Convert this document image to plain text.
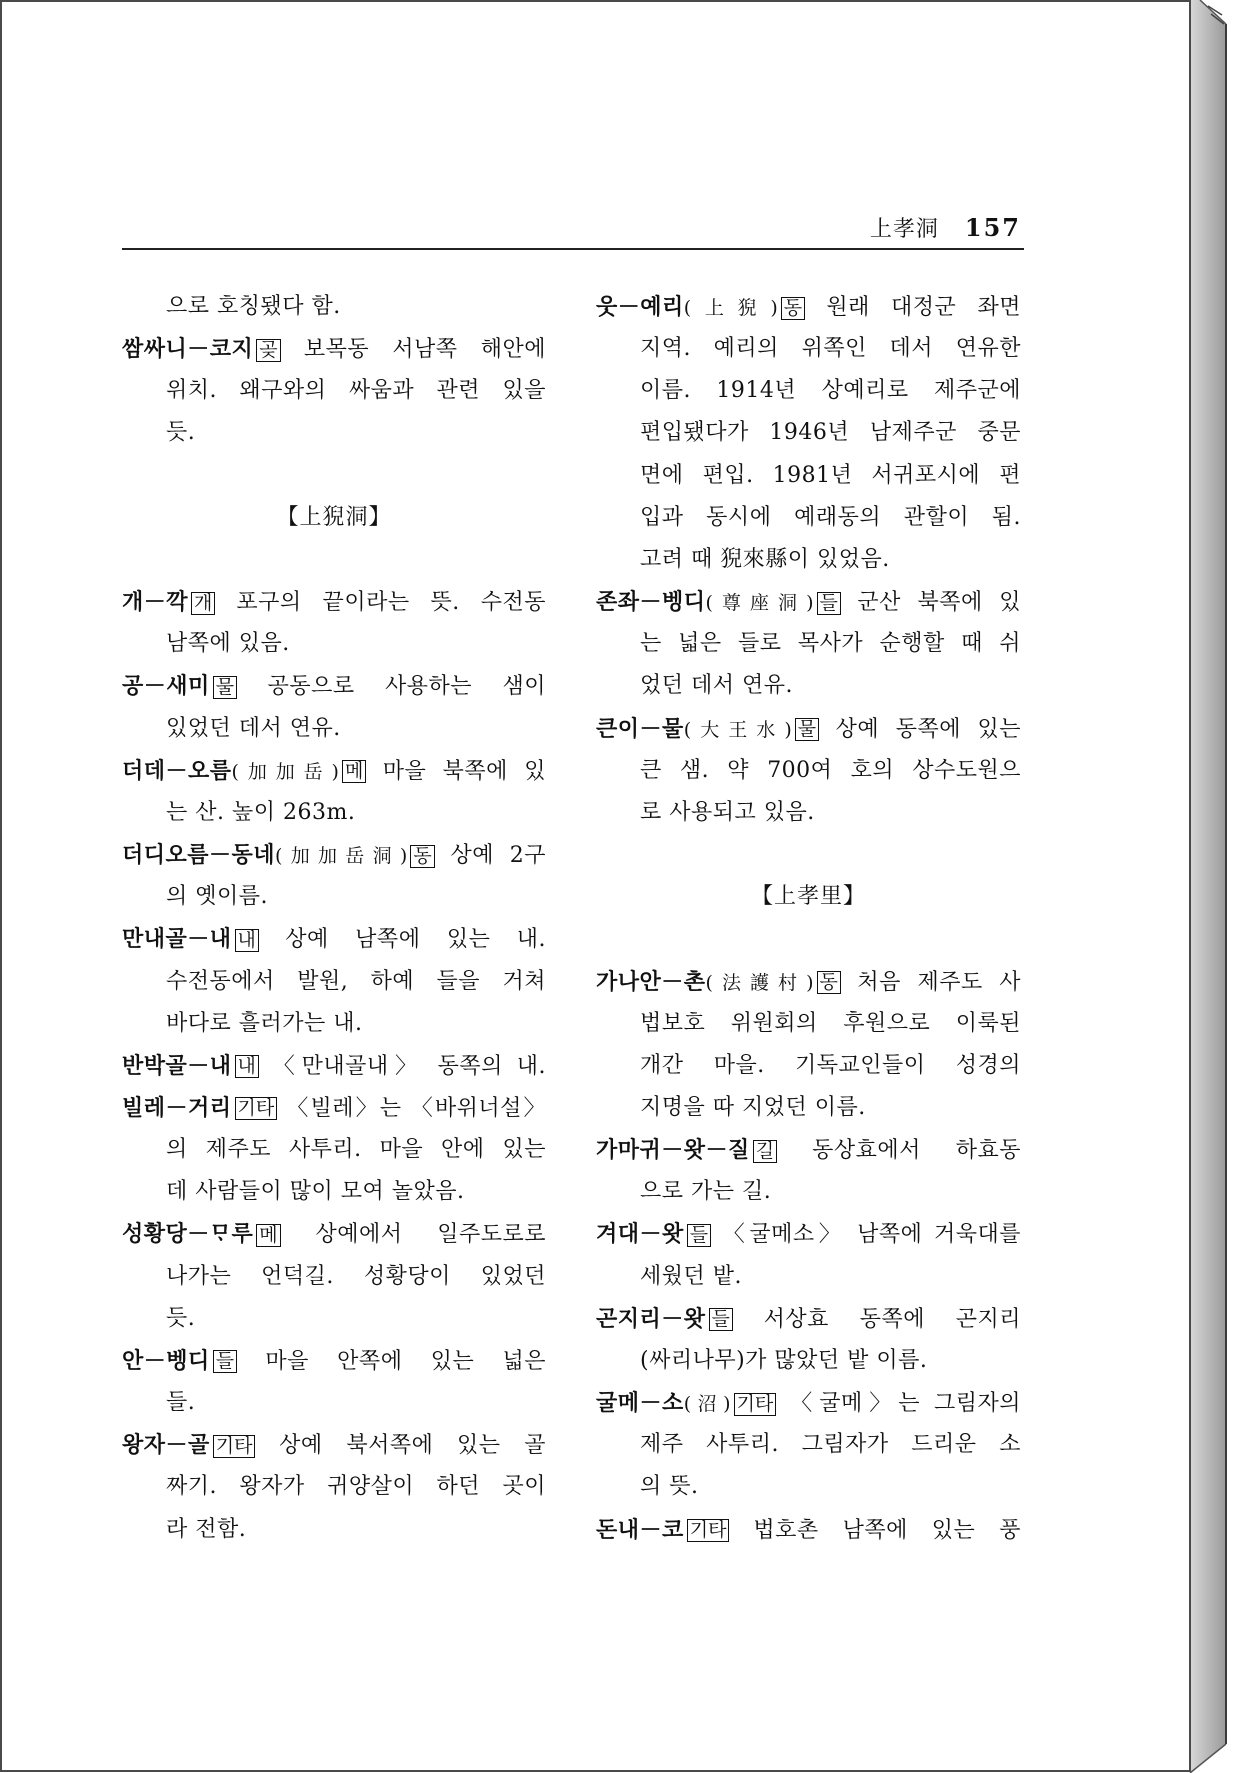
上孝洞 157
으로 호칭됐다 함.
쌈싸니－코지 곶 보목동 서남쪽 해안에
위치. 왜구와의 싸움과 관련 있을
듯.
【上猊洞】
개－깍 개 포구의 끝이라는 뜻. 수전동
남쪽에 있음.
공－새미 물 공동으로 사용하는 샘이
있었던 데서 연유.
더데－오름(加加岳) 메 마을 북쪽에 있
는 산. 높이 263m.
더디오름－동네(加加岳洞) 동 상예 2구
의 옛이름.
만내골－내 내 상예 남쪽에 있는 내.
수전동에서 발원, 하예 들을 거쳐
바다로 흘러가는 내.
반박골－내 내 〈만내골내〉 동쪽의 내.
빌레－거리 기타 〈빌레〉는 〈바위너설〉
의 제주도 사투리. 마을 안에 있는
데 사람들이 많이 모여 놀았음.
성황당－ᄆᆞ루 메 상예에서 일주도로로
나가는 언덕길. 성황당이 있었던
듯.
안－벵디 들 마을 안쪽에 있는 넓은
들.
왕자－골 기타 상예 북서쪽에 있는 골
짜기. 왕자가 귀양살이 하던 곳이
라 전함.
웃－예리(上猊) 동 원래 대정군 좌면
지역. 예리의 위쪽인 데서 연유한
이름. 1914년 상예리로 제주군에
편입됐다가 1946년 남제주군 중문
면에 편입. 1981년 서귀포시에 편
입과 동시에 예래동의 관할이 됨.
고려 때 猊來縣이 있었음.
존좌－벵디(尊座洞) 들 군산 북쪽에 있
는 넓은 들로 목사가 순행할 때 쉬
었던 데서 연유.
큰이－물(大王水) 물 상예 동쪽에 있는
큰 샘. 약 700여 호의 상수도원으
로 사용되고 있음.
【上孝里】
가나안－촌(法護村) 동 처음 제주도 사
법보호 위원회의 후원으로 이룩된
개간 마을. 기독교인들이 성경의
지명을 따 지었던 이름.
가마귀－왓－질 길 동상효에서 하효동
으로 가는 길.
겨대－왓 들 〈굴메소〉 남쪽에 거욱대를
세웠던 밭.
곤지리－왓 들 서상효 동쪽에 곤지리
(싸리나무)가 많았던 밭 이름.
굴메－소(沼) 기타 〈굴메〉는 그림자의
제주 사투리. 그림자가 드리운 소
의 뜻.
돈내－코 기타 법호촌 남쪽에 있는 풍
